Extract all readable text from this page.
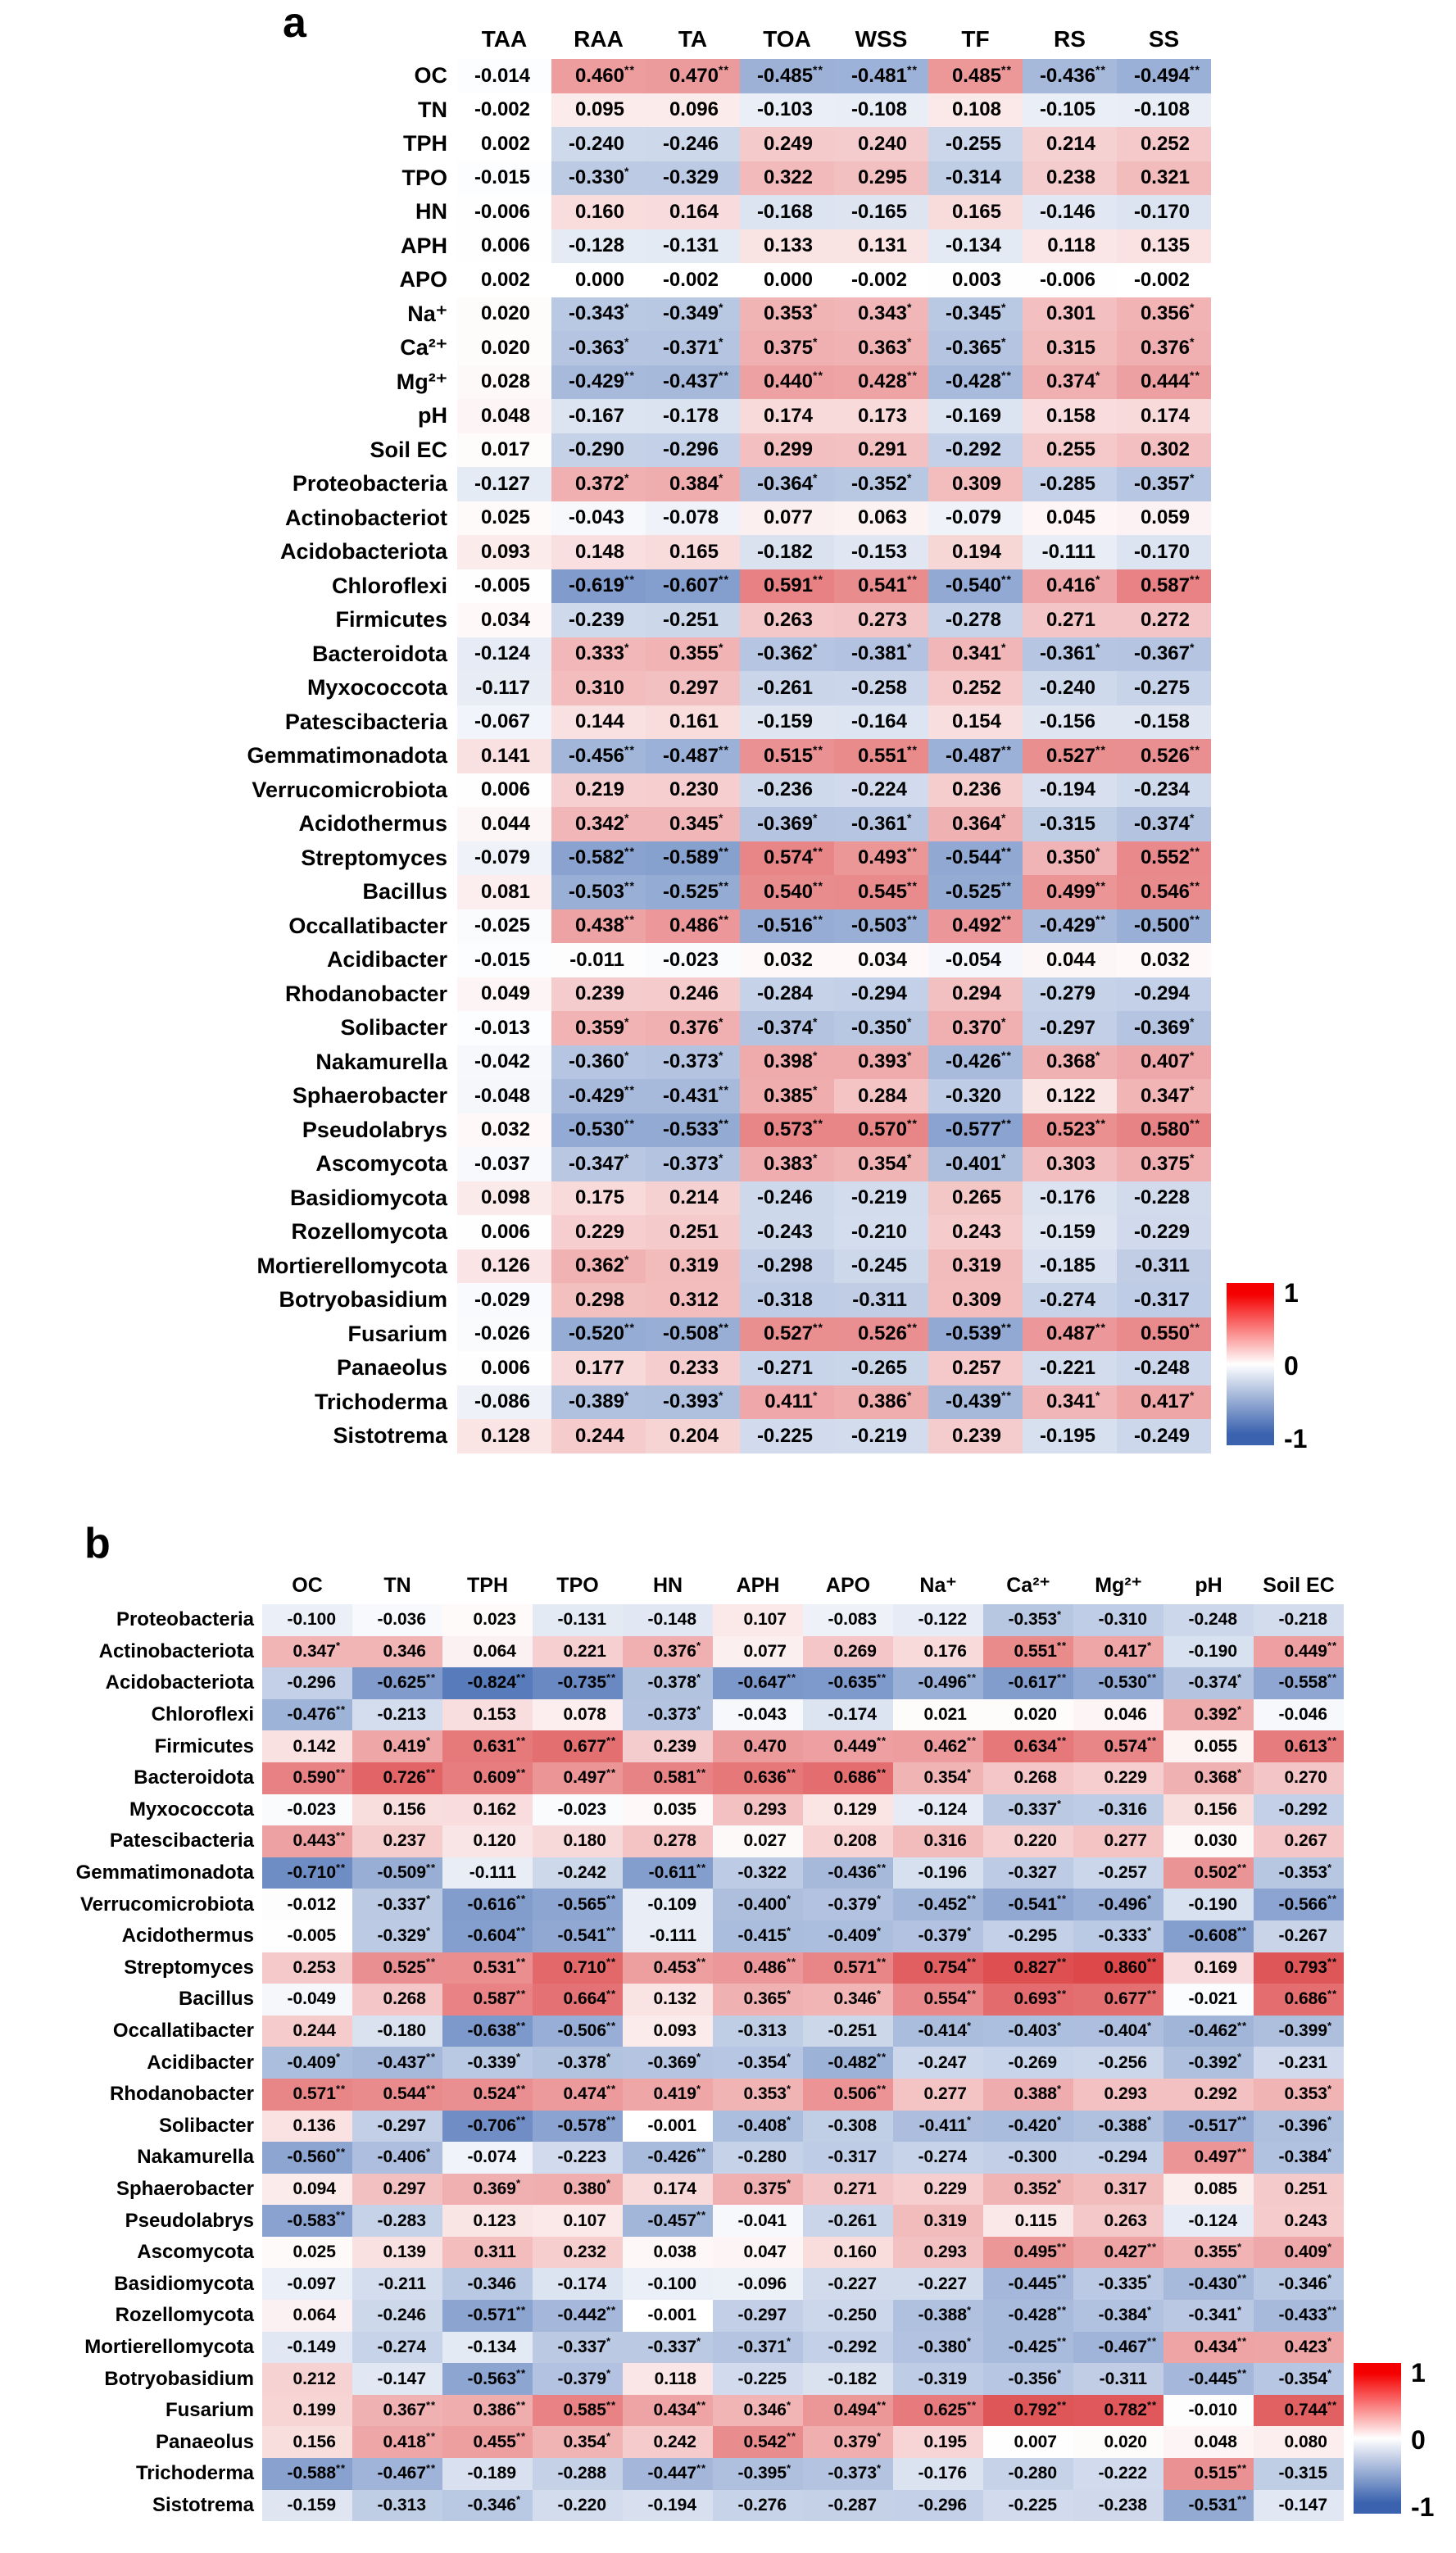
a	TAA	RAA	TA	TOA	WSS	TF	RS	SS
OC	-0.014 0.460 **	0.470 **	-0.485 **	-0.481 **	0.485 **	-0.436 **	-0.494 **
TN	-0.002 0.095 0.096 -0.103 -0.108 0.108 -0.105 -0.108
TPH	0.002 -0.240 -0.246 0.249 0.240 -0.255 0.214 0.252
TPO	-0.015 -0.330 *	-0.329 0.322 0.295 -0.314 0.238 0.321
HN	-0.006 0.160 0.164 -0.168 -0.165 0.165 -0.146 -0.170
APH	0.006 -0.128 -0.131 0.133 0.131 -0.134 0.118 0.135
APO	0.002 0.000 -0.002 0.000 -0.002 0.003 -0.006 -0.002
Na⁺	0.020 -0.343 *	-0.349 *	0.353 *	0.343 *	-0.345 *	0.301 0.356 *
Ca²⁺	0.020 -0.363 *	-0.371 *	0.375 *	0.363 *	-0.365 *	0.315 0.376 *
Mg²⁺	0.028 -0.429 **	-0.437 **	0.440 **	0.428 **	-0.428 **	0.374 *	0.444 **
pH	0.048 -0.167 -0.178 0.174 0.173 -0.169 0.158 0.174
Soil EC	0.017 -0.290 -0.296 0.299 0.291 -0.292 0.255 0.302
Proteobacteria	-0.127 0.372 *	0.384 *	-0.364 *	-0.352 *	0.309 -0.285 -0.357 *
Actinobacteriot	0.025 -0.043 -0.078 0.077 0.063 -0.079 0.045 0.059
Acidobacteriota	0.093 0.148 0.165 -0.182 -0.153 0.194 -0.111 -0.170
Chloroflexi	-0.005 -0.619 **	-0.607 **	0.591 **	0.541 **	-0.540 **	0.416 *	0.587 **
Firmicutes	0.034 -0.239 -0.251 0.263 0.273 -0.278 0.271 0.272
Bacteroidota	-0.124 0.333 *	0.355 *	-0.362 *	-0.381 *	0.341 *	-0.361 *	-0.367 *
Myxococcota	-0.117 0.310 0.297 -0.261 -0.258 0.252 -0.240 -0.275
Patescibacteria	-0.067 0.144 0.161 -0.159 -0.164 0.154 -0.156 -0.158
Gemmatimonadota	0.141 -0.456 **	-0.487 **	0.515 **	0.551 **	-0.487 **	0.527 **	0.526 **
Verrucomicrobiota	0.006 0.219 0.230 -0.236 -0.224 0.236 -0.194 -0.234
Acidothermus	0.044 0.342 *	0.345 *	-0.369 *	-0.361 *	0.364 *	-0.315 -0.374 *
Streptomyces	-0.079 -0.582 **	-0.589 **	0.574 **	0.493 **	-0.544 **	0.350 *	0.552 **
Bacillus	0.081 -0.503 **	-0.525 **	0.540 **	0.545 **	-0.525 **	0.499 **	0.546 **
Occallatibacter	-0.025 0.438 **	0.486 **	-0.516 **	-0.503 **	0.492 **	-0.429 **	-0.500 **
Acidibacter	-0.015 -0.011 -0.023 0.032 0.034 -0.054 0.044 0.032
Rhodanobacter	0.049 0.239 0.246 -0.284 -0.294 0.294 -0.279 -0.294
Solibacter	-0.013 0.359 *	0.376 *	-0.374 *	-0.350 *	0.370 *	-0.297 -0.369 *
Nakamurella	-0.042 -0.360 *	-0.373 *	0.398 *	0.393 *	-0.426 **	0.368 *	0.407 *
Sphaerobacter	-0.048 -0.429 **	-0.431 **	0.385 *	0.284 -0.320 0.122 0.347 *
Pseudolabrys	0.032 -0.530 **	-0.533 **	0.573 **	0.570 **	-0.577 **	0.523 **	0.580 **
Ascomycota	-0.037 -0.347 *	-0.373 *	0.383 *	0.354 *	-0.401 *	0.303 0.375 *
Basidiomycota	0.098 0.175 0.214 -0.246 -0.219 0.265 -0.176 -0.228
Rozellomycota	0.006 0.229 0.251 -0.243 -0.210 0.243 -0.159 -0.229
Mortierellomycota	0.126 0.362 *	0.319 -0.298 -0.245 0.319 -0.185 -0.311
Botryobasidium	-0.029 0.298 0.312 -0.318 -0.311 0.309 -0.274 -0.317
Fusarium	-0.026 -0.520 **	-0.508 **	0.527 **	0.526 **	-0.539 **	0.487 **	0.550 **
Panaeolus	0.006 0.177 0.233 -0.271 -0.265 0.257 -0.221 -0.248
Trichoderma	-0.086 -0.389 *	-0.393 *	0.411 *	0.386 *	-0.439 **	0.341 *	0.417 *
Sistotrema	0.128 0.244 0.204 -0.225 -0.219 0.239 -0.195 -0.249
1
0
-1
b
OC	TN	TPH	TPO	HN	APH	APO	Na⁺	Ca²⁺	Mg²⁺	pH	Soil EC
Proteobacteria	-0.100 -0.036	0.023 -0.131 -0.148	0.107 -0.083 -0.122 -0.353 *	-0.310 -0.248 -0.218
Actinobacteriota	0.347 *	0.346	0.064	0.221	0.376 *	0.077	0.269	0.176	0.551 ** 0.417 *	-0.190	0.449 **
Acidobacteriota	-0.296 -0.625 ** -0.824 ** -0.735 ** -0.378 *	-0.647 ** -0.635 ** -0.496 ** -0.617 ** -0.530 ** -0.374 *	-0.558 **
Chloroflexi	-0.476 ** -0.213	0.153	0.078 -0.373 *	-0.043 -0.174	0.021	0.020	0.046	0.392 *	-0.046
Firmicutes	0.142	0.419 *	0.631 ** 0.677 ** 0.239	0.470	0.449 ** 0.462 ** 0.634 ** 0.574 ** 0.055	0.613 **
Bacteroidota	0.590 ** 0.726 ** 0.609 ** 0.497 ** 0.581 ** 0.636 ** 0.686 ** 0.354 *	0.268	0.229	0.368 *	0.270
Myxococcota	-0.023	0.156	0.162 -0.023	0.035	0.293	0.129 -0.124 -0.337 *	-0.316	0.156 -0.292
Patescibacteria	0.443 ** 0.237	0.120	0.180	0.278	0.027	0.208	0.316	0.220	0.277	0.030	0.267
Gemmatimonadota	-0.710 ** -0.509 ** -0.111 -0.242 -0.611 ** -0.322 -0.436 ** -0.196 -0.327 -0.257	0.502 ** -0.353 *
Verrucomicrobiota	-0.012 -0.337 *	-0.616 ** -0.565 ** -0.109 -0.400 *	-0.379 *	-0.452 ** -0.541 ** -0.496 *	-0.190 -0.566 **
Acidothermus	-0.005 -0.329 *	-0.604 ** -0.541 ** -0.111 -0.415 *	-0.409 *	-0.379 *	-0.295 -0.333 *	-0.608 ** -0.267
Streptomyces	0.253	0.525 ** 0.531 ** 0.710 ** 0.453 ** 0.486 ** 0.571 ** 0.754 ** 0.827 ** 0.860 ** 0.169	0.793 **
Bacillus	-0.049	0.268	0.587 ** 0.664 ** 0.132	0.365 *	0.346 *	0.554 ** 0.693 ** 0.677 ** -0.021	0.686 **
Occallatibacter	0.244 -0.180 -0.638 ** -0.506 ** 0.093 -0.313 -0.251 -0.414 *	-0.403 *	-0.404 *	-0.462 ** -0.399 *
Acidibacter	-0.409 *	-0.437 ** -0.339 *	-0.378 *	-0.369 *	-0.354 *	-0.482 ** -0.247 -0.269 -0.256 -0.392 *	-0.231
Rhodanobacter	0.571 ** 0.544 ** 0.524 ** 0.474 ** 0.419 *	0.353 *	0.506 ** 0.277	0.388 *	0.293	0.292	0.353 *
Solibacter	0.136 -0.297 -0.706 ** -0.578 ** -0.001 -0.408 *	-0.308 -0.411 *	-0.420 *	-0.388 *	-0.517 ** -0.396 *
Nakamurella	-0.560 ** -0.406 *	-0.074 -0.223 -0.426 ** -0.280 -0.317 -0.274 -0.300 -0.294	0.497 ** -0.384 *
Sphaerobacter	0.094	0.297	0.369 *	0.380 *	0.174	0.375 *	0.271	0.229	0.352 *	0.317	0.085	0.251
Pseudolabrys	-0.583 ** -0.283	0.123	0.107 -0.457 ** -0.041 -0.261	0.319	0.115	0.263 -0.124	0.243
Ascomycota	0.025	0.139	0.311	0.232	0.038	0.047	0.160	0.293	0.495 ** 0.427 ** 0.355 *	0.409 *
Basidiomycota	-0.097 -0.211 -0.346 -0.174 -0.100 -0.096 -0.227 -0.227 -0.445 ** -0.335 *	-0.430 ** -0.346 *
Rozellomycota	0.064 -0.246 -0.571 ** -0.442 ** -0.001 -0.297 -0.250 -0.388 *	-0.428 ** -0.384 *	-0.341 *	-0.433 **
Mortierellomycota	-0.149 -0.274 -0.134 -0.337 *	-0.337 *	-0.371 *	-0.292 -0.380 *	-0.425 ** -0.467 ** 0.434 ** 0.423 *
Botryobasidium	0.212 -0.147 -0.563 ** -0.379 *	0.118 -0.225 -0.182 -0.319 -0.356 *	-0.311 -0.445 ** -0.354 *
Fusarium	0.199	0.367 ** 0.386 ** 0.585 ** 0.434 ** 0.346 *	0.494 ** 0.625 ** 0.792 ** 0.782 ** -0.010	0.744 **
Panaeolus	0.156	0.418 ** 0.455 ** 0.354 *	0.242	0.542 ** 0.379 *	0.195	0.007	0.020	0.048	0.080
Trichoderma	-0.588 ** -0.467 ** -0.189 -0.288 -0.447 ** -0.395 *	-0.373 *	-0.176 -0.280 -0.222	0.515 ** -0.315
Sistotrema	-0.159 -0.313 -0.346 *	-0.220 -0.194 -0.276 -0.287 -0.296 -0.225 -0.238 -0.531 ** -0.147
1
0
-1
